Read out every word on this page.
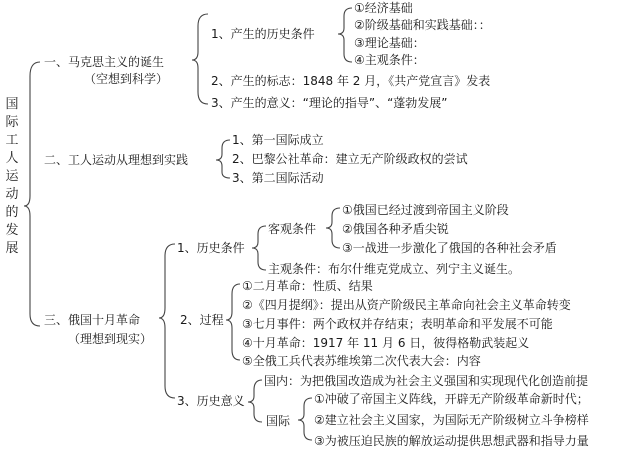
国际工人运动的发展
一、马克思主义的诞生
（空想到科学）
1、产生的历史条件
①经济基础
②阶级基础和实践基础：：
③理论基础：
④主观条件：
2、产生的标志：1848 年 2 月，《共产党宣言》发表
3、产生的意义：“理论的指导”、“蓬勃发展”
二、工人运动从理想到实践
1、第一国际成立
2、巴黎公社革命：建立无产阶级政权的尝试
3、第二国际活动
三、俄国十月革命
（理想到现实）
1、历史条件
客观条件
①俄国已经过渡到帝国主义阶段
②俄国各种矛盾尖锐
③一战进一步激化了俄国的各种社会矛盾
主观条件：布尔什维克党成立、列宁主义诞生。
2、过程
①二月革命：性质、结果
②《四月提纲》：提出从资产阶级民主革命向社会主义革命转变
③七月事件：两个政权并存结束；表明革命和平发展不可能
④十月革命：1917 年 11 月 6 日，彼得格勒武装起义
⑤全俄工兵代表苏维埃第二次代表大会：内容
3、历史意义
国内：为把俄国改造成为社会主义强国和实现现代化创造前提
国际
①冲破了帝国主义阵线，开辟无产阶级革命新时代；
②建立社会主义国家，为国际无产阶级树立斗争榜样
③为被压迫民族的解放运动提供思想武器和指导力量
